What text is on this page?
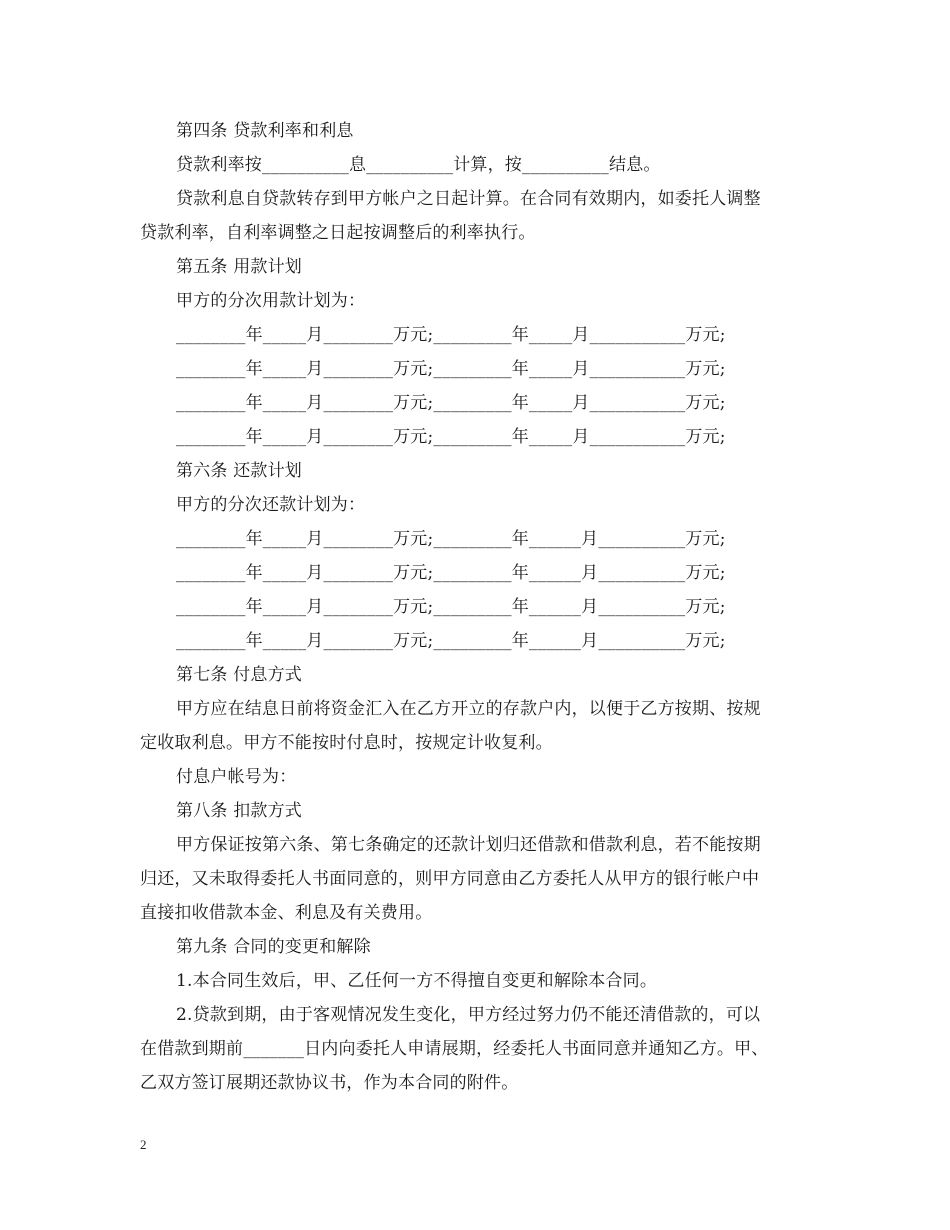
第四条 贷款利率和利息
贷款利率按__________息__________计算，按__________结息。
贷款利息自贷款转存到甲方帐户之日起计算。在合同有效期内，如委托人调整
贷款利率，自利率调整之日起按调整后的利率执行。
第五条 用款计划
甲方的分次用款计划为：
________年_____月________万元;_________年_____月___________万元;
________年_____月________万元;_________年_____月___________万元;
________年_____月________万元;_________年_____月___________万元;
________年_____月________万元;_________年_____月___________万元;
第六条 还款计划
甲方的分次还款计划为：
________年_____月________万元;_________年______月__________万元;
________年_____月________万元;_________年______月__________万元;
________年_____月________万元;_________年______月__________万元;
________年_____月________万元;_________年______月__________万元;
第七条 付息方式
甲方应在结息日前将资金汇入在乙方开立的存款户内，以便于乙方按期、按规
定收取利息。甲方不能按时付息时，按规定计收复利。
付息户帐号为：
第八条 扣款方式
甲方保证按第六条、第七条确定的还款计划归还借款和借款利息，若不能按期
归还，又未取得委托人书面同意的，则甲方同意由乙方委托人从甲方的银行帐户中
直接扣收借款本金、利息及有关费用。
第九条 合同的变更和解除
1.本合同生效后，甲、乙任何一方不得擅自变更和解除本合同。
2.贷款到期，由于客观情况发生变化，甲方经过努力仍不能还清借款的，可以
在借款到期前_______日内向委托人申请展期，经委托人书面同意并通知乙方。甲、
乙双方签订展期还款协议书，作为本合同的附件。
2
